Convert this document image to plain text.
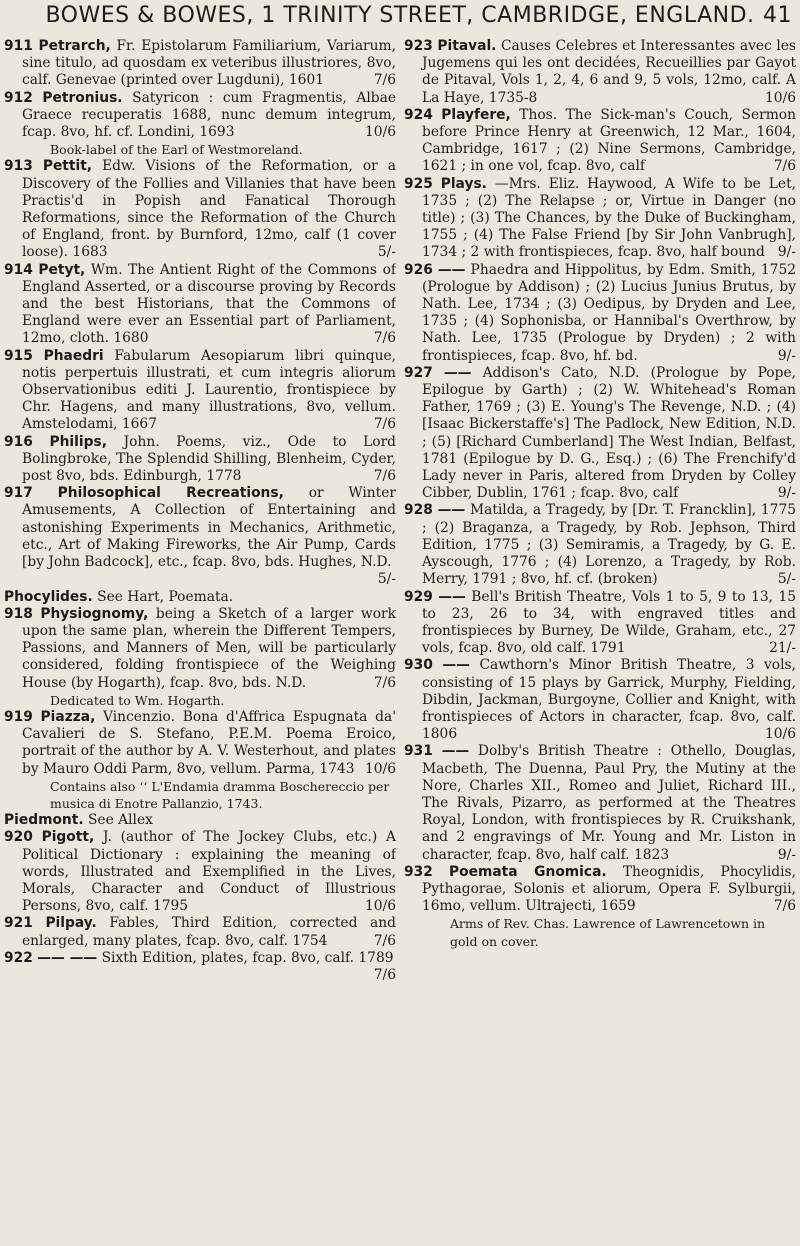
BOWES & BOWES, 1 TRINITY STREET, CAMBRIDGE, ENGLAND. 41

911 Petrarch, Fr. Epistolarum Familiarium, Variarum, sine titulo, ad quosdam ex veteribus illustriores, 8vo, calf. Genevae (printed over Lugduni), 1601	7/6

912 Petronius. Satyricon : cum Fragmentis, Albae Graece recuperatis 1688, nunc demum integrum, fcap. 8vo, hf. cf. Londini, 1693	10/6

Book-label of the Earl of Westmoreland.

913 Pettit, Edw. Visions of the Reformation, or a Discovery of the Follies and Villanies that have been Practis'd in Popish and Fanatical Thorough Reformations, since the Reformation of the Church of England, front. by Burnford, 12mo, calf (1 cover loose). 1683	5/-

914 Petyt, Wm. The Antient Right of the Commons of England Asserted, or a discourse proving by Records and the best Historians, that the Commons of England were ever an Essential part of Parliament, 12mo, cloth. 1680	7/6

915 Phaedri Fabularum Aesopiarum libri quinque, notis perpertuis illustrati, et cum integris aliorum Observationibus editi J. Laurentio, frontispiece by Chr. Hagens, and many illustrations, 8vo, vellum. Amstelodami, 1667	7/6

916 Philips, John. Poems, viz., Ode to Lord Bolingbroke, The Splendid Shilling, Blenheim, Cyder, post 8vo, bds. Edinburgh, 1778	7/6

917 Philosophical Recreations, or Winter Amusements, A Collection of Entertaining and astonishing Experiments in Mechanics, Arithmetic, etc., Art of Making Fireworks, the Air Pump, Cards [by John Badcock], etc., fcap. 8vo, bds. Hughes, N.D.
5/-

Phocylides. See Hart, Poemata.

918 Physiognomy, being a Sketch of a larger work upon the same plan, wherein the Different Tempers, Passions, and Manners of Men, will be particularly considered, folding frontispiece of the Weighing House (by Hogarth), fcap. 8vo, bds. N.D.	7/6

Dedicated to Wm. Hogarth.

919 Piazza, Vincenzio. Bona d'Affrica Espugnata da' Cavalieri de S. Stefano, P.E.M. Poema Eroico, portrait of the author by A. V. Westerhout, and plates by Mauro Oddi Parm, 8vo, vellum. Parma, 1743 10/6

Contains also ‘‘ L'Endamia dramma Boschereccio per musica di Enotre Pallanzio, 1743.

Piedmont. See Allex

920 Pigott, J. (author of The Jockey Clubs, etc.) A Political Dictionary : explaining the meaning of words, Illustrated and Exemplified in the Lives, Morals, Character and Conduct of Illustrious Persons, 8vo, calf. 1795	10/6

921 Pilpay. Fables, Third Edition, corrected and enlarged, many plates, fcap. 8vo, calf. 1754	7/6

922 —— —— Sixth Edition, plates, fcap. 8vo, calf. 1789
7/6

923 Pitaval. Causes Celebres et Interessantes avec les Jugemens qui les ont decidées, Recueillies par Gayot de Pitaval, Vols 1, 2, 4, 6 and 9, 5 vols, 12mo, calf. A La Haye, 1735-8	10/6

924 Playfere, Thos. The Sick-man's Couch, Sermon before Prince Henry at Greenwich, 12 Mar., 1604, Cambridge, 1617 ; (2) Nine Sermons, Cambridge, 1621 ; in one vol, fcap. 8vo, calf	7/6

925 Plays. —Mrs. Eliz. Haywood, A Wife to be Let, 1735 ; (2) The Relapse ; or, Virtue in Danger (no title) ; (3) The Chances, by the Duke of Buckingham, 1755 ; (4) The False Friend [by Sir John Vanbrugh], 1734 ; 2 with frontispieces, fcap. 8vo, half bound 9/-

926 —— Phaedra and Hippolitus, by Edm. Smith, 1752 (Prologue by Addison) ; (2) Lucius Junius Brutus, by Nath. Lee, 1734 ; (3) Oedipus, by Dryden and Lee, 1735 ; (4) Sophonisba, or Hannibal's Overthrow, by Nath. Lee, 1735 (Prologue by Dryden) ; 2 with frontispieces, fcap. 8vo, hf. bd.	9/-

927 —— Addison's Cato, N.D. (Prologue by Pope, Epilogue by Garth) ; (2) W. Whitehead's Roman Father, 1769 ; (3) E. Young's The Revenge, N.D. ; (4) [Isaac Bickerstaffe's] The Padlock, New Edition, N.D. ; (5) [Richard Cumberland] The West Indian, Belfast, 1781 (Epilogue by D. G., Esq.) ; (6) The Frenchify'd Lady never in Paris, altered from Dryden by Colley Cibber, Dublin, 1761 ; fcap. 8vo, calf	9/-

928 —— Matilda, a Tragedy, by [Dr. T. Francklin], 1775 ; (2) Braganza, a Tragedy, by Rob. Jephson, Third Edition, 1775 ; (3) Semiramis, a Tragedy, by G. E. Ayscough, 1776 ; (4) Lorenzo, a Tragedy, by Rob. Merry, 1791 ; 8vo, hf. cf. (broken)	5/-

929 —— Bell's British Theatre, Vols 1 to 5, 9 to 13, 15 to 23, 26 to 34, with engraved titles and frontispieces by Burney, De Wilde, Graham, etc., 27 vols, fcap. 8vo, old calf. 1791	21/-

930 —— Cawthorn's Minor British Theatre, 3 vols, consisting of 15 plays by Garrick, Murphy, Fielding, Dibdin, Jackman, Burgoyne, Collier and Knight, with frontispieces of Actors in character, fcap. 8vo, calf. 1806	10/6

931 —— Dolby's British Theatre : Othello, Douglas, Macbeth, The Duenna, Paul Pry, the Mutiny at the Nore, Charles XII., Romeo and Juliet, Richard III., The Rivals, Pizarro, as performed at the Theatres Royal, London, with frontispieces by R. Cruikshank, and 2 engravings of Mr. Young and Mr. Liston in character, fcap. 8vo, half calf. 1823	9/-

932 Poemata Gnomica. Theognidis, Phocylidis, Pythagorae, Solonis et aliorum, Opera F. Sylburgii, 16mo, vellum. Ultrajecti, 1659	7/6

Arms of Rev. Chas. Lawrence of Lawrencetown in gold on cover.
